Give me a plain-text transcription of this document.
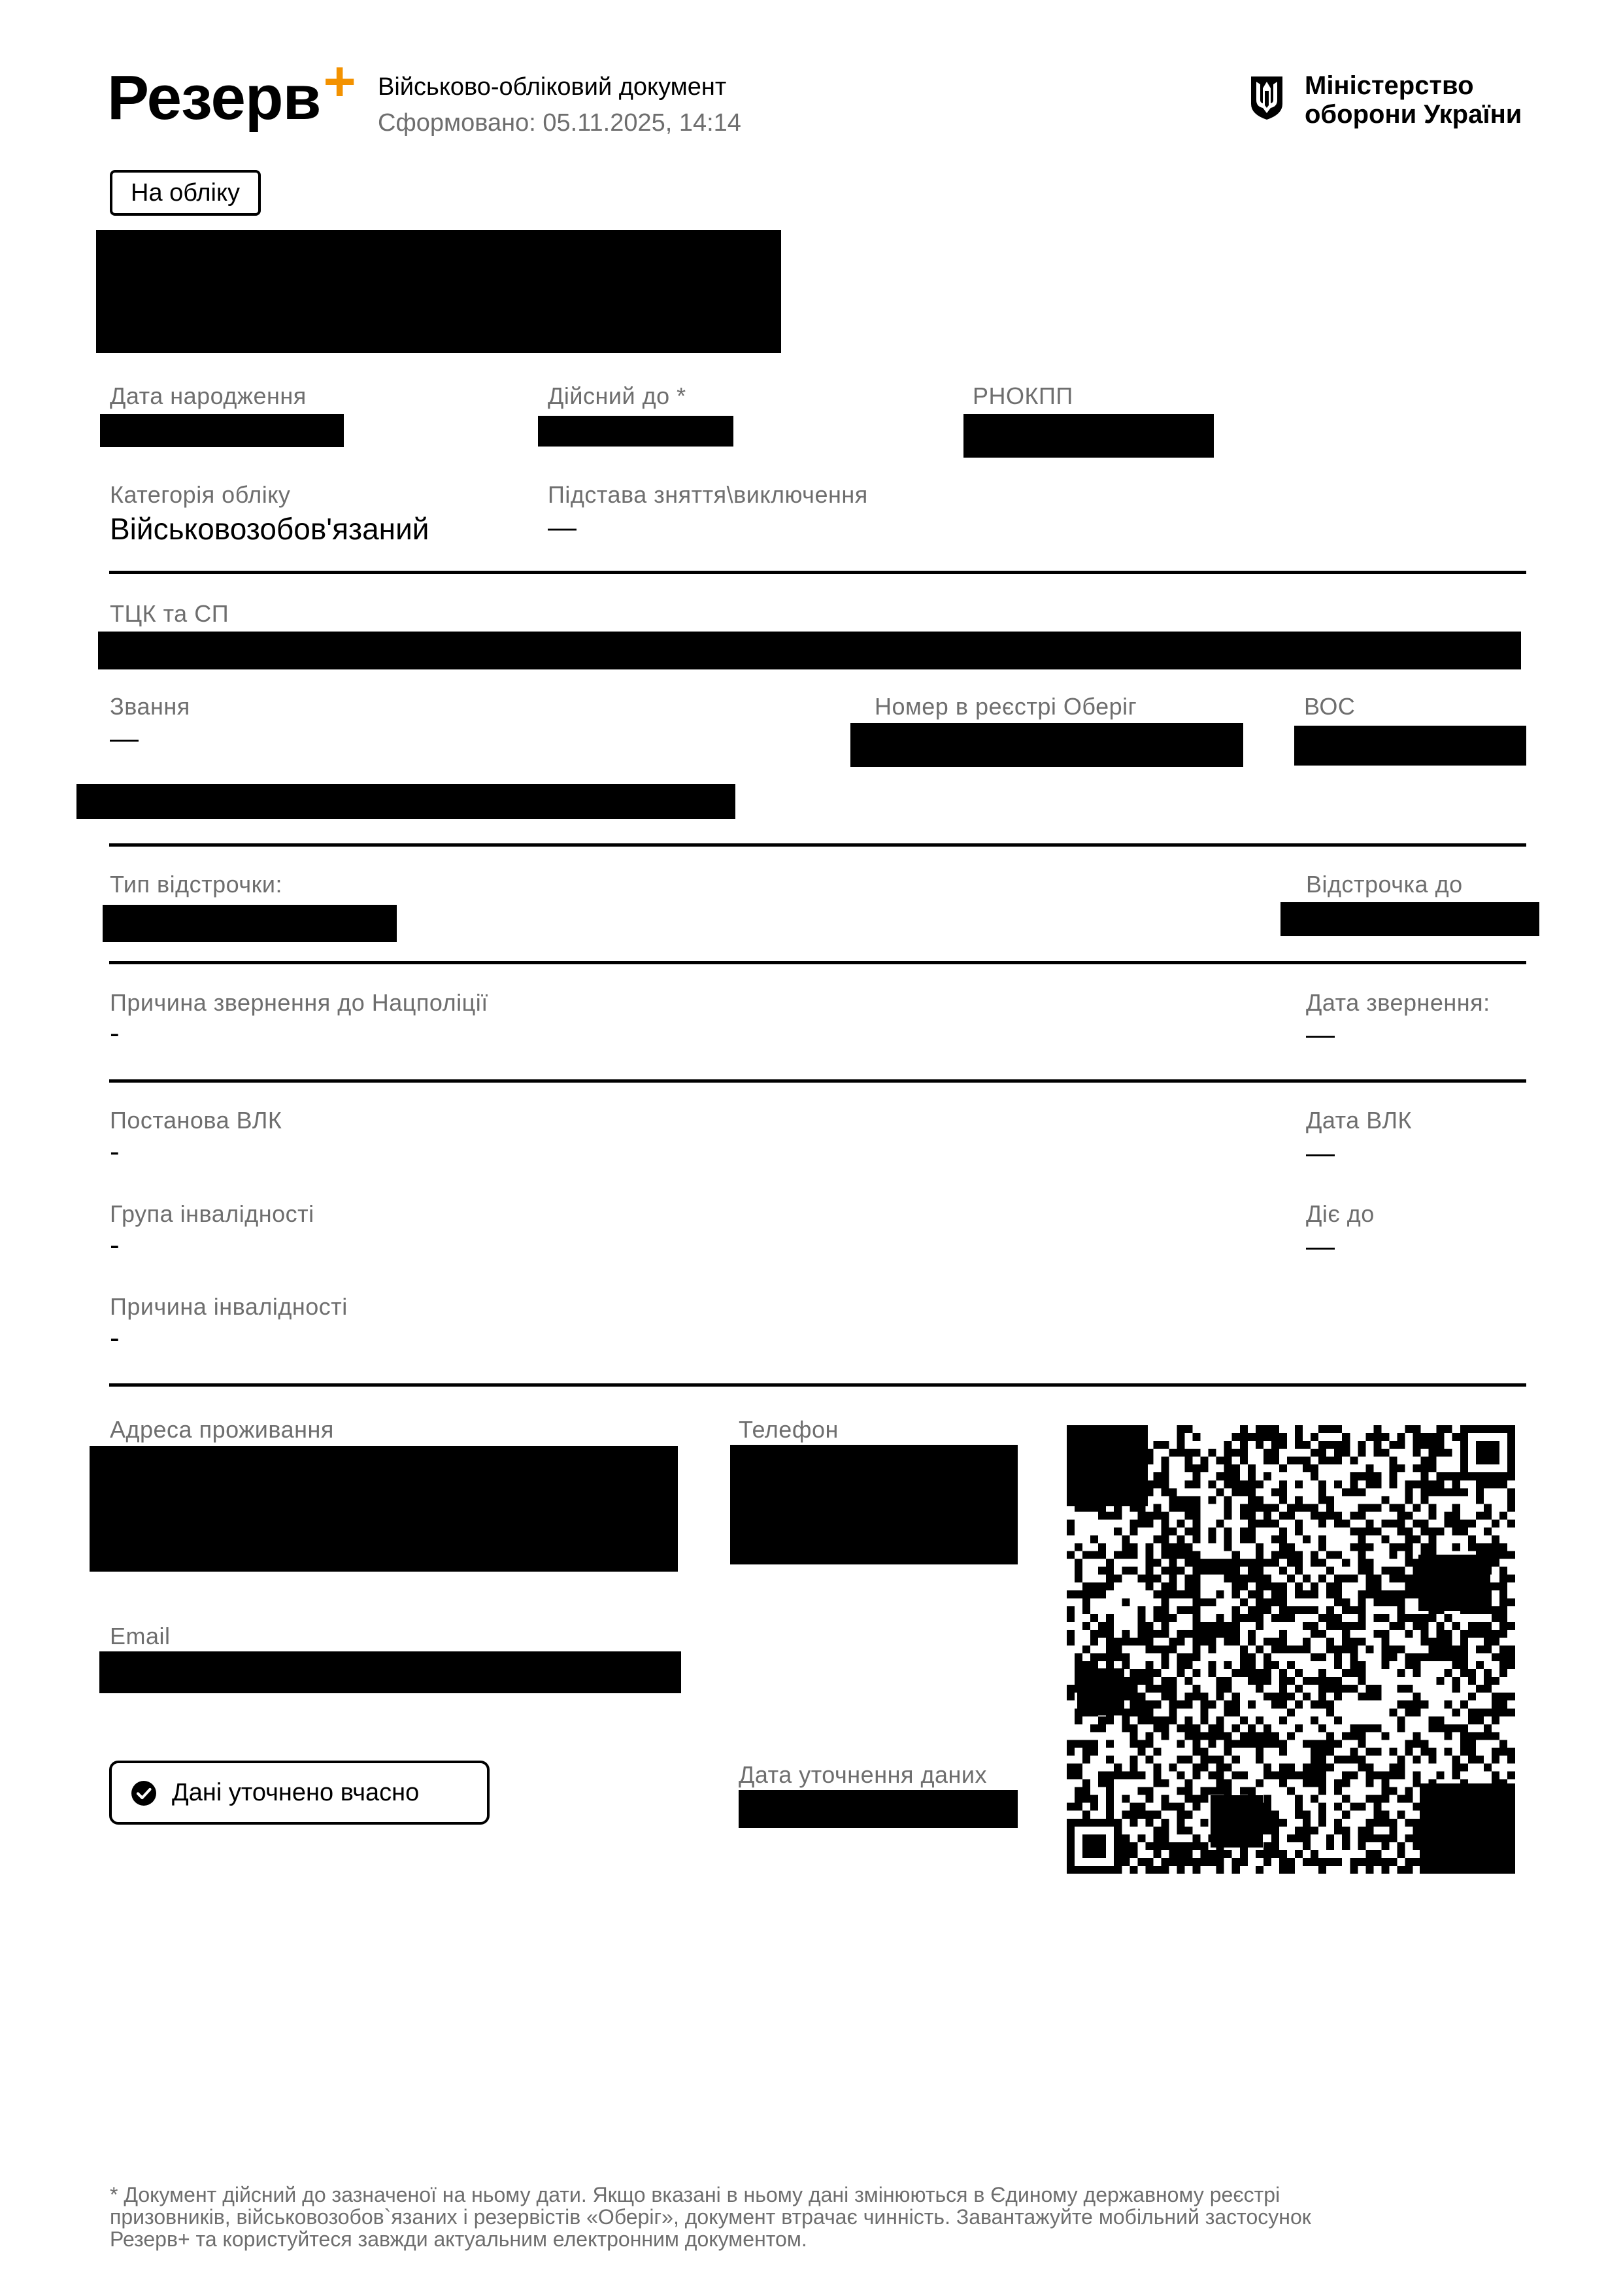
Резерв+ Військово-обліковий документ
Сформовано: 05.11.2025, 14:14
Міністерство
оборони України
На обліку
Дата народження	Дійсний до *	РНОКПП
Категорія обліку
Військовозобов'язаний
Підстава зняття\виключення
—
ТЦК та СП
Звання
—
Номер в реєстрі Оберіг	ВОС
Тип відстрочки:	Відстрочка до
Причина звернення до Нацполіції
-
Дата звернення:
—
Постанова ВЛК
-
Дата ВЛК
—
Група інвалідності
-
Діє до
—
Причина інвалідності
-
Адреса проживання	Телефон
Email
Дані уточнено вчасно
Дата уточнення даних

* Документ дійсний до зазначеної на ньому дати. Якщо вказані в ньому дані змінюються в Єдиному державному реєстрі

призовників, військовозобов`язаних і резервістів «Оберіг», документ втрачає чинність. Завантажуйте мобільний застосунок

Резерв+ та користуйтеся завжди актуальним електронним документом.
